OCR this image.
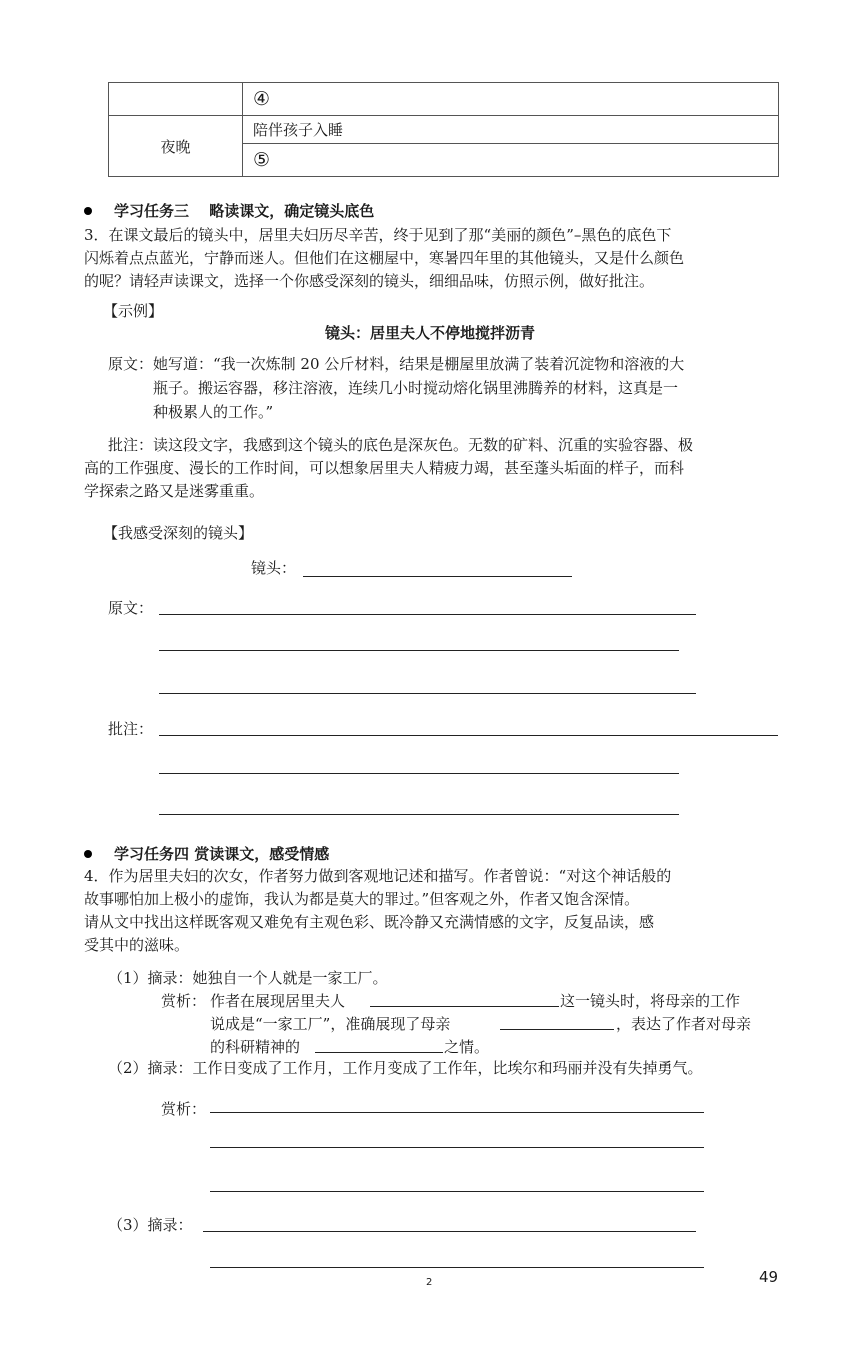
	④
夜晚	陪伴孩子入睡
	⑤
学习任务三　 略读课文，确定镜头底色
3．在课文最后的镜头中，居里夫妇历尽辛苦，终于见到了那“美丽的颜色”–黑色的底色下
闪烁着点点蓝光，宁静而迷人。但他们在这棚屋中，寒暑四年里的其他镜头，又是什么颜色
的呢？请轻声读课文，选择一个你感受深刻的镜头，细细品味，仿照示例，做好批注。
【示例】
镜头：居里夫人不停地搅拌沥青
原文： 她写道：“我一次炼制 20 公斤材料，结果是棚屋里放满了装着沉淀物和溶液的大
瓶子。搬运容器，移注溶液，连续几小时搅动熔化锅里沸腾养的材料，这真是一
种极累人的工作。”
批注：读这段文字，我感到这个镜头的底色是深灰色。无数的矿料、沉重的实验容器、极
高的工作强度、漫长的工作时间，可以想象居里夫人精疲力竭，甚至蓬头垢面的样子，而科
学探索之路又是迷雾重重。
【我感受深刻的镜头】
镜头：
原文：
批注：
学习任务四 赏读课文，感受情感
4．作为居里夫妇的次女，作者努力做到客观地记述和描写。作者曾说：“对这个神话般的
故事哪怕加上极小的虚饰，我认为都是莫大的罪过。”但客观之外，作者又饱含深情。
请从文中找出这样既客观又难免有主观色彩、既冷静又充满情感的文字，反复品读，感
受其中的滋味。
（1）摘录：她独自一个人就是一家工厂。
赏析： 作者在展现居里夫人	这一镜头时，将母亲的工作
说成是“一家工厂”，准确展现了母亲	，表达了作者对母亲
的科研精神的	之情。
（2）摘录：工作日变成了工作月，工作月变成了工作年，比埃尔和玛丽并没有失掉勇气。
赏析：
（3）摘录：
2	49
